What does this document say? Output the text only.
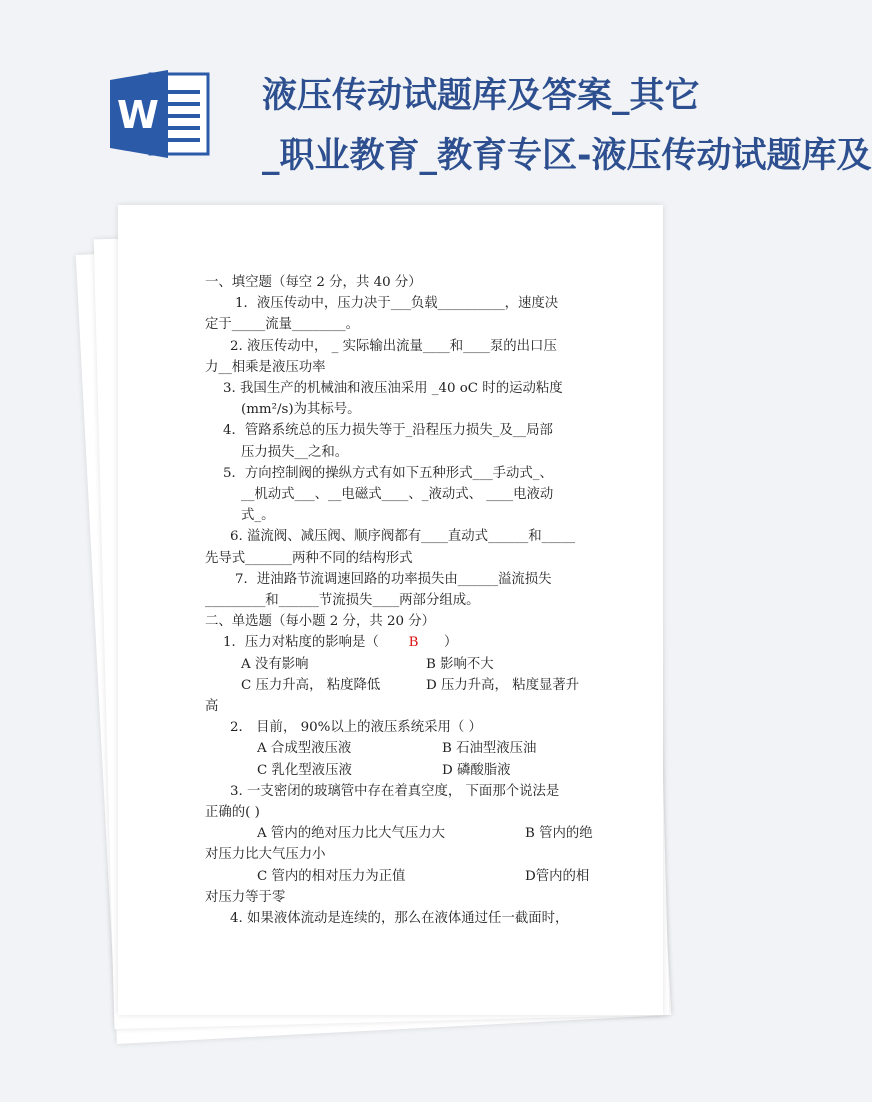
W	液压传动试题库及答案_其它
_职业教育_教育专区-液压传动试题库及

一、填空题（每空 2 分，共 40 分）

1．液压传动中，压力决于___负载__________，速度决

定于_____流量________。

2. 液压传动中， _ 实际输出流量____和____泵的出口压

力__相乘是液压功率

3. 我国生产的机械油和液压油采用 _40 oC 时的运动粘度

(mm²/s)为其标号。

4．管路系统总的压力损失等于_沿程压力损失_及__局部

压力损失__之和。

5．方向控制阀的操纵方式有如下五种形式___手动式_、

__机动式___、__电磁式____、_液动式、 ____电液动

式_。

6. 溢流阀、减压阀、顺序阀都有____直动式______和_____

先导式_______两种不同的结构形式

7．进油路节流调速回路的功率损失由______溢流损失

_________和______节流损失____两部分组成。

二、单选题（每小题 2 分，共 20 分）

1．压力对粘度的影响是（ B ）

A 没有影响	B 影响不大

C 压力升高， 粘度降低	D 压力升高， 粘度显著升

高

2． 目前， 90%以上的液压系统采用（ ）

A 合成型液压液	B 石油型液压油

C 乳化型液压液	D 磷酸脂液

3. 一支密闭的玻璃管中存在着真空度， 下面那个说法是

正确的( )

A 管内的绝对压力比大气压力大	B 管内的绝

对压力比大气压力小

C 管内的相对压力为正值	D管内的相

对压力等于零

4. 如果液体流动是连续的，那么在液体通过任一截面时，
